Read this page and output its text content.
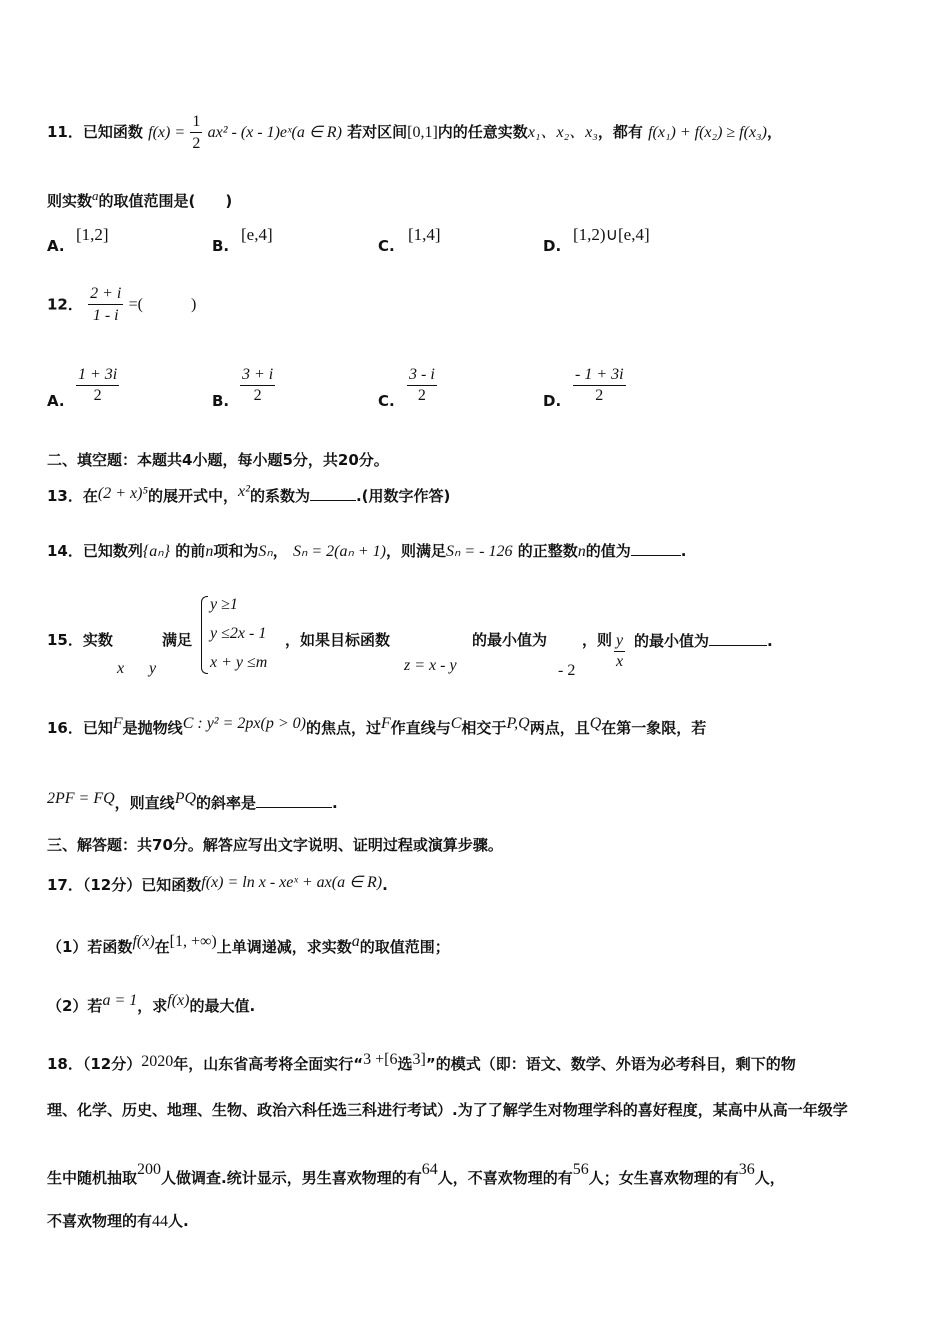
11．已知函数 $f(x) = \frac{1}{2} ax^2 - (x$ - 1)eˣ(a ∈ R) 若对区间[0,1]内的任意实数x₁、x₂、x₃，都有 f(x₁) + f(x₂) ≥ f(x₃)，
则实数a的取值范围是(　　)
A.
[1,2]
B.
[e,4]
C.
[1,4]
D.
[1,2)∪[e,4]
12． $\frac{2 + i}{1 - i}$ =(　　　)
A. $\frac{1 + 3i}{2}$	B. $\frac{3 + i}{2}$	C. $\frac{3 - i}{2}$	D. $\frac{- 1 + 3i}{2}$
二、填空题：本题共4小题，每小题5分，共20分。
13．在(2 + x)⁵的展开式中，x²的系数为	.(用数字作答)
14．已知数列{aₙ} 的前n项和为Sₙ， Sₙ = 2(aₙ + 1)，则满足Sₙ = - 126 的正整数n的值为	.
15．实数
x y
满足
y ≥1
y ≤2x - 1
x + y ≤m
，如果目标函数
z = x - y
的最小值为
- 2
，则 $\frac{y}{x}$ 的最小值为	.
16．已知F是抛物线C : y² = 2px(p > 0)的焦点，过F作直线与C相交于P,Q两点，且Q在第一象限，若
2PF = FQ，则直线PQ的斜率是	.
三、解答题：共70分。解答应写出文字说明、证明过程或演算步骤。
17．（12分）已知函数f(x) = ln x - xeˣ + ax(a ∈ R).
（1）若函数f(x)在[1, +∞)上单调递减，求实数a的取值范围；
（2）若a = 1，求f(x)的最大值.
18．（12分）2020年，山东省高考将全面实行“3 +[6选3]”的模式（即：语文、数学、外语为必考科目，剩下的物
理、化学、历史、地理、生物、政治六科任选三科进行考试）.为了了解学生对物理学科的喜好程度，某高中从高一年级学
生中随机抽取200人做调查.统计显示，男生喜欢物理的有64人，不喜欢物理的有56人；女生喜欢物理的有36人，
不喜欢物理的有44人.
